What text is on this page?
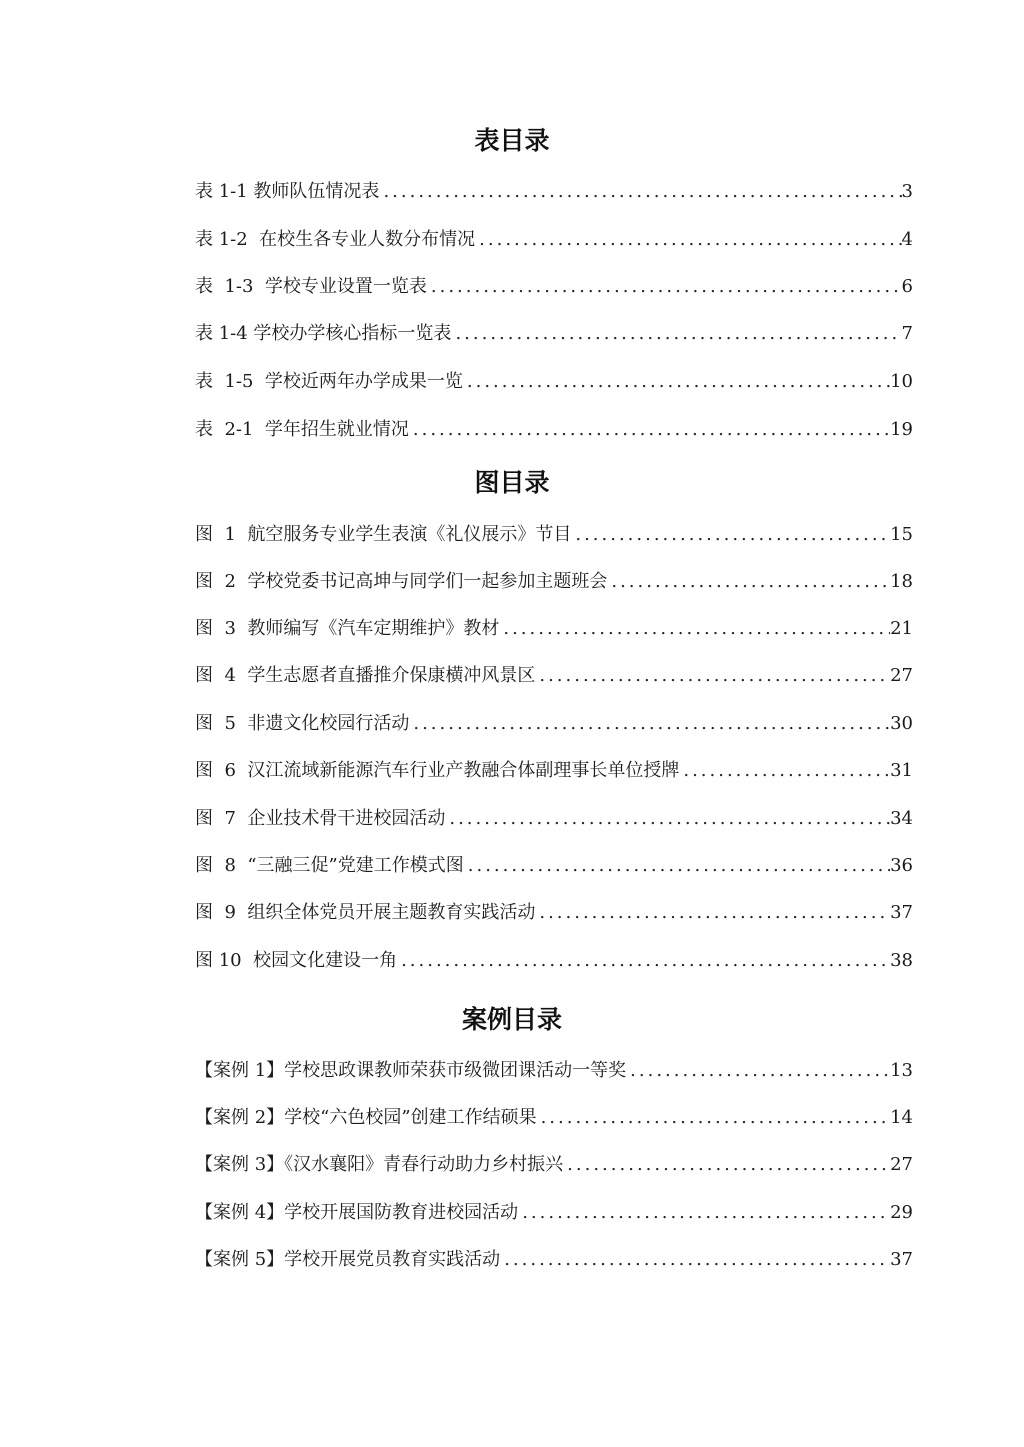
表目录
表 1-1 教师队伍情况表 .....	3
表 1-2  在校生各专业人数分布情况 .....	4
表  1-3  学校专业设置一览表 .....	6
表 1-4 学校办学核心指标一览表 .....	7
表  1-5  学校近两年办学成果一览 .....	10
表  2-1  学年招生就业情况 .....	19
图目录
图  1  航空服务专业学生表演《礼仪展示》节目 .....	15
图  2  学校党委书记高坤与同学们一起参加主题班会 .....	18
图  3  教师编写《汽车定期维护》教材 .....	21
图  4  学生志愿者直播推介保康横冲风景区 .....	27
图  5  非遗文化校园行活动 .....	30
图  6  汉江流域新能源汽车行业产教融合体副理事长单位授牌 .....	31
图  7  企业技术骨干进校园活动 .....	34
图  8  “三融三促”党建工作模式图 .....	36
图  9  组织全体党员开展主题教育实践活动 .....	37
图 10  校园文化建设一角 .....	38
案例目录
【案例 1】学校思政课教师荣获市级微团课活动一等奖 .....	13
【案例 2】学校“六色校园”创建工作结硕果 .....	14
【案例 3】《汉水襄阳》青春行动助力乡村振兴 .....	27
【案例 4】学校开展国防教育进校园活动 .....	29
【案例 5】学校开展党员教育实践活动 .....	37
